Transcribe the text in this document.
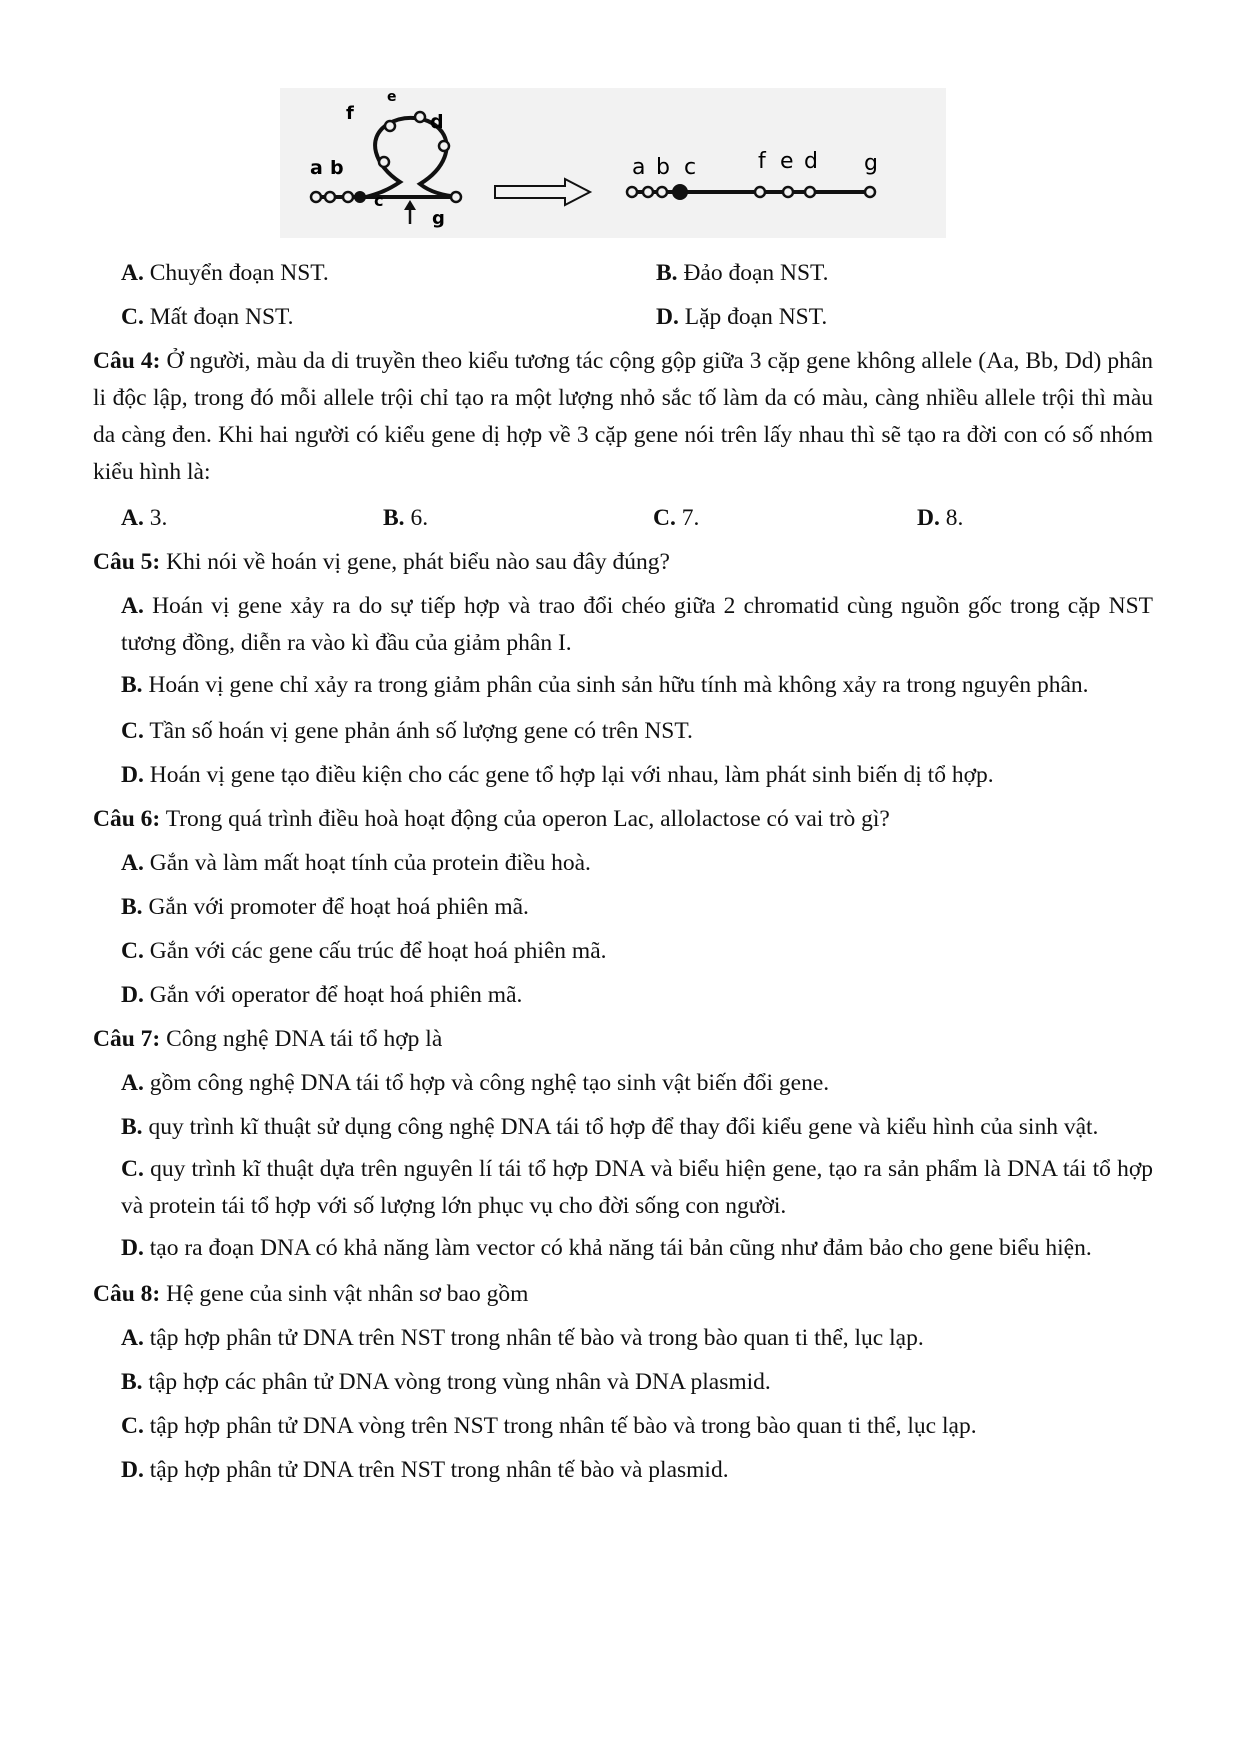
a b
c
d
e
f
g
a b c	f e d g
A. Chuyển đoạn NST.	B. Đảo đoạn NST.
C. Mất đoạn NST.	D. Lặp đoạn NST.
Câu 4: Ở người, màu da di truyền theo kiểu tương tác cộng gộp giữa 3 cặp gene không allele (Aa, Bb, Dd) phân li độc lập, trong đó mỗi allele trội chỉ tạo ra một lượng nhỏ sắc tố làm da có màu, càng nhiều allele trội thì màu da càng đen. Khi hai người có kiểu gene dị hợp về 3 cặp gene nói trên lấy nhau thì sẽ tạo ra đời con có số nhóm kiểu hình là:
A. 3.	B. 6.	C. 7.	D. 8.
Câu 5: Khi nói về hoán vị gene, phát biểu nào sau đây đúng?
A. Hoán vị gene xảy ra do sự tiếp hợp và trao đổi chéo giữa 2 chromatid cùng nguồn gốc trong cặp NST tương đồng, diễn ra vào kì đầu của giảm phân I.
B. Hoán vị gene chỉ xảy ra trong giảm phân của sinh sản hữu tính mà không xảy ra trong nguyên phân.
C. Tần số hoán vị gene phản ánh số lượng gene có trên NST.
D. Hoán vị gene tạo điều kiện cho các gene tổ hợp lại với nhau, làm phát sinh biến dị tổ hợp.
Câu 6: Trong quá trình điều hoà hoạt động của operon Lac, allolactose có vai trò gì?
A. Gắn và làm mất hoạt tính của protein điều hoà.
B. Gắn với promoter để hoạt hoá phiên mã.
C. Gắn với các gene cấu trúc để hoạt hoá phiên mã.
D. Gắn với operator để hoạt hoá phiên mã.
Câu 7: Công nghệ DNA tái tổ hợp là
A. gồm công nghệ DNA tái tổ hợp và công nghệ tạo sinh vật biến đổi gene.
B. quy trình kĩ thuật sử dụng công nghệ DNA tái tổ hợp để thay đổi kiểu gene và kiểu hình của sinh vật.
C. quy trình kĩ thuật dựa trên nguyên lí tái tổ hợp DNA và biểu hiện gene, tạo ra sản phẩm là DNA tái tổ hợp và protein tái tổ hợp với số lượng lớn phục vụ cho đời sống con người.
D. tạo ra đoạn DNA có khả năng làm vector có khả năng tái bản cũng như đảm bảo cho gene biểu hiện.
Câu 8: Hệ gene của sinh vật nhân sơ bao gồm
A. tập hợp phân tử DNA trên NST trong nhân tế bào và trong bào quan ti thể, lục lạp.
B. tập hợp các phân tử DNA vòng trong vùng nhân và DNA plasmid.
C. tập hợp phân tử DNA vòng trên NST trong nhân tế bào và trong bào quan ti thể, lục lạp.
D. tập hợp phân tử DNA trên NST trong nhân tế bào và plasmid.
